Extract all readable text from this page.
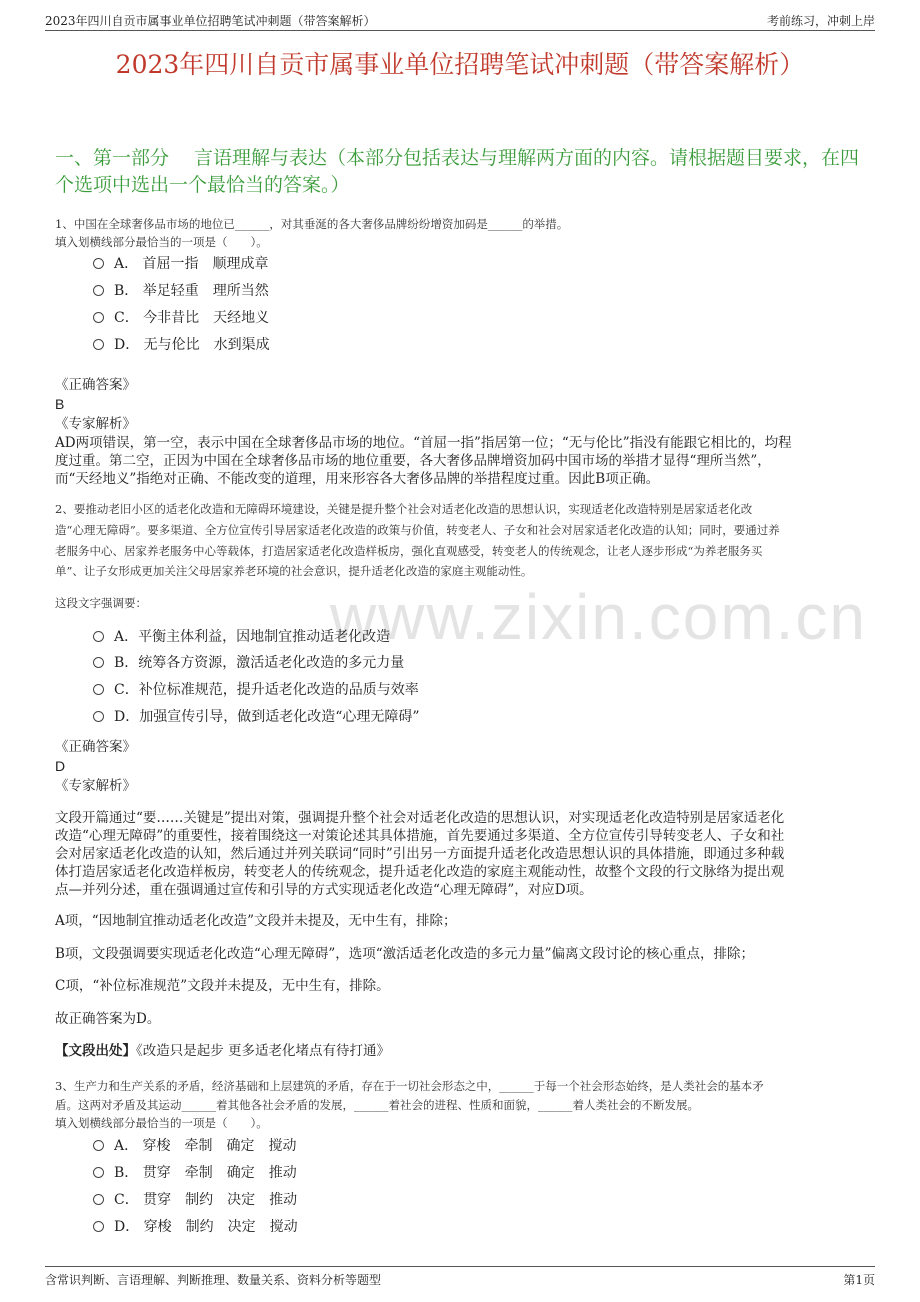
2023年四川自贡市属事业单位招聘笔试冲刺题（带答案解析）	考前练习，冲刺上岸
2023年四川自贡市属事业单位招聘笔试冲刺题（带答案解析）
一、第一部分　 言语理解与表达（本部分包括表达与理解两方面的内容。请根据题目要求，在四个选项中选出一个最恰当的答案。）
www.zixin.com.cn
1、中国在全球奢侈品市场的地位已______，对其垂涎的各大奢侈品牌纷纷增资加码是______的举措。
填入划横线部分最恰当的一项是（　　）。
A． 首屈一指　顺理成章
B． 举足轻重　理所当然
C． 今非昔比　天经地义
D． 无与伦比　水到渠成
《正确答案》
B
《专家解析》
AD两项错误，第一空，表示中国在全球奢侈品市场的地位。“首屈一指”指居第一位；“无与伦比”指没有能跟它相比的，均程
度过重。第二空，正因为中国在全球奢侈品市场的地位重要，各大奢侈品牌增资加码中国市场的举措才显得“理所当然”，
而“天经地义”指绝对正确、不能改变的道理，用来形容各大奢侈品牌的举措程度过重。因此B项正确。
2、要推动老旧小区的适老化改造和无障碍环境建设，关键是提升整个社会对适老化改造的思想认识，实现适老化改造特别是居家适老化改
造“心理无障碍”。要多渠道、全方位宣传引导居家适老化改造的政策与价值，转变老人、子女和社会对居家适老化改造的认知；同时，要通过养
老服务中心、居家养老服务中心等载体，打造居家适老化改造样板房，强化直观感受，转变老人的传统观念，让老人逐步形成“为养老服务买
单”、让子女形成更加关注父母居家养老环境的社会意识，提升适老化改造的家庭主观能动性。
这段文字强调要：
A．平衡主体利益，因地制宜推动适老化改造
B．统筹各方资源，激活适老化改造的多元力量
C．补位标准规范，提升适老化改造的品质与效率
D．加强宣传引导，做到适老化改造“心理无障碍”
《正确答案》
D
《专家解析》
文段开篇通过“要……关键是”提出对策，强调提升整个社会对适老化改造的思想认识，对实现适老化改造特别是居家适老化
改造“心理无障碍”的重要性，接着围绕这一对策论述其具体措施，首先要通过多渠道、全方位宣传引导转变老人、子女和社
会对居家适老化改造的认知，然后通过并列关联词“同时”引出另一方面提升适老化改造思想认识的具体措施，即通过多种载
体打造居家适老化改造样板房，转变老人的传统观念，提升适老化改造的家庭主观能动性，故整个文段的行文脉络为提出观
点—并列分述，重在强调通过宣传和引导的方式实现适老化改造“心理无障碍”，对应D项。
A项，“因地制宜推动适老化改造”文段并未提及，无中生有，排除；
B项，文段强调要实现适老化改造“心理无障碍”，选项“激活适老化改造的多元力量”偏离文段讨论的核心重点，排除；
C项，“补位标准规范”文段并未提及，无中生有，排除。
故正确答案为D。
【文段出处】《改造只是起步 更多适老化堵点有待打通》
3、生产力和生产关系的矛盾，经济基础和上层建筑的矛盾，存在于一切社会形态之中，______于每一个社会形态始终，是人类社会的基本矛
盾。这两对矛盾及其运动______着其他各社会矛盾的发展，______着社会的进程、性质和面貌，______着人类社会的不断发展。
填入划横线部分最恰当的一项是（　　）。
A． 穿梭　牵制　确定　搅动
B． 贯穿　牵制　确定　推动
C． 贯穿　制约　决定　推动
D． 穿梭　制约　决定　搅动
含常识判断、言语理解、判断推理、数量关系、资料分析等题型	第1页
